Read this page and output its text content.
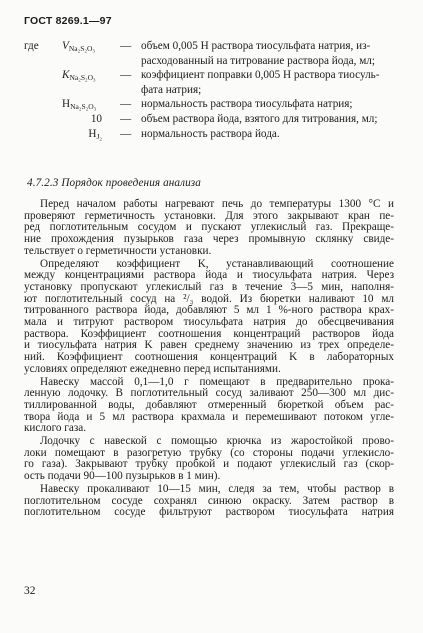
ГОСТ 8269.1—97
где $V_{Na_2S_2O_3}$	— объем 0,005 Н раствора тиосульфата натрия, из-
расходованный на титрование раствора йода, мл;
$K_{Na_2S_2O_3}$	— коэффициент поправки 0,005 Н раствора тиосуль-
фата натрия;
$Н_{Na_2S_2O_3}$	— нормальность раствора тиосульфата натрия;
10 — объем раствора йода, взятого для титрования, мл;
$Н_{J_2}$ — нормальность раствора йода.
4.7.2.3 Порядок проведения анализа

Перед началом работы нагревают печь до температуры 1300 °С и
проверяют герметичность установки. Для этого закрывают кран пе-
ред поглотительным сосудом и пускают углекислый газ. Прекраще-
ние прохождения пузырьков газа через промывную склянку свиде-
тельствует о герметичности установки.

Определяют коэффициент K, устанавливающий соотношение
между концентрациями раствора йода и тиосульфата натрия. Через
установку пропускают углекислый газ в течение 3—5 мин, наполня-
ют поглотительный сосуд на ²/₃ водой. Из бюретки наливают 10 мл
титрованного раствора йода, добавляют 5 мл 1 %-ного раствора крах-
мала и титруют раствором тиосульфата натрия до обесцвечивания
раствора. Коэффициент соотношения концентраций растворов йода
и тиосульфата натрия K равен среднему значению из трех определе-
ний. Коэффициент соотношения концентраций K в лабораторных
условиях определяют ежедневно перед испытаниями.

Навеску массой 0,1—1,0 г помещают в предварительно прока-
ленную лодочку. В поглотительный сосуд заливают 250—300 мл дис-
тиллированной воды, добавляют отмеренный бюреткой объем рас-
твора йода и 5 мл раствора крахмала и перемешивают потоком углe-
кислого газа.

Лодочку с навеской с помощью крючка из жаростойкой прово-
локи помещают в разогретую трубку (со стороны подачи углекисло-
го газа). Закрывают трубку пробкой и подают углекислый газ (скор-
ость подачи 90—100 пузырьков в 1 мин).

Навеску прокаливают 10—15 мин, следя за тем, чтобы раствор в
поглотительном сосуде сохранял синюю окраску. Затем раствор в
поглотительном сосуде фильтруют раствором тиосульфата натрия

32
